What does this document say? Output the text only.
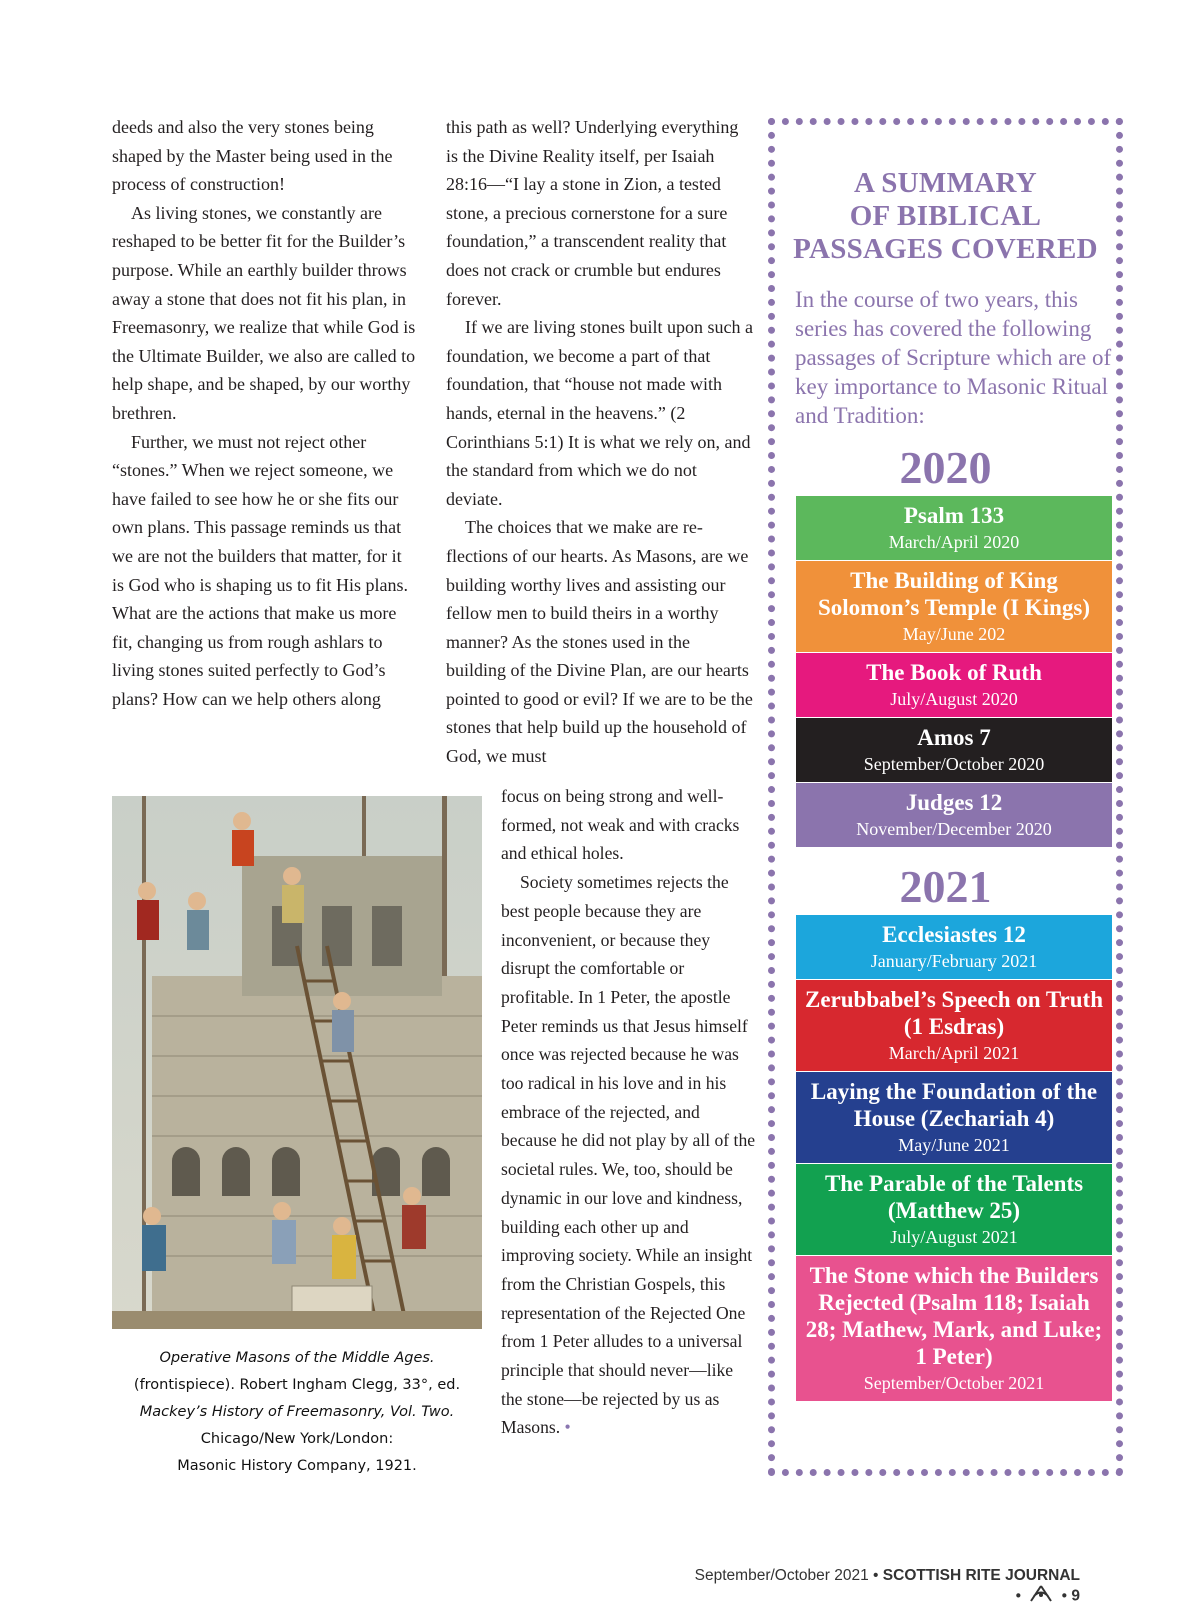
deeds and also the very stones being shaped by the Master being used in the process of construction!

As living stones, we constantly are reshaped to be better fit for the Builder’s purpose. While an earthly builder throws away a stone that does not fit his plan, in Freemasonry, we realize that while God is the Ultimate Builder, we also are called to help shape, and be shaped, by our worthy brethren.

Further, we must not reject other “stones.” When we reject someone, we have failed to see how he or she fits our own plans. This passage reminds us that we are not the builders that matter, for it is God who is shaping us to fit His plans. What are the actions that make us more fit, changing us from rough ashlars to living stones suited perfectly to God’s plans? How can we help others along

this path as well? Underlying everything is the Divine Reality itself, per Isaiah 28:16—“I lay a stone in Zion, a tested stone, a precious cornerstone for a sure foundation,” a transcendent reality that does not crack or crumble but endures forever.

If we are living stones built upon such a foundation, we become a part of that foundation, that “house not made with hands, eternal in the heavens.” (2 Corinthians 5:1) It is what we rely on, and the standard from which we do not deviate.

The choices that we make are reflections of our hearts. As Masons, are we building worthy lives and assisting our fellow men to build theirs in a worthy manner? As the stones used in the building of the Divine Plan, are our hearts pointed to good or evil? If we are to be the stones that help build up the household of God, we must

focus on being strong and well-formed, not weak and with cracks and ethical holes.

Society sometimes rejects the best people because they are inconvenient, or because they disrupt the comfortable or profitable. In 1 Peter, the apostle Peter reminds us that Jesus himself once was rejected because he was too radical in his love and in his embrace of the rejected, and because he did not play by all of the societal rules. We, too, should be dynamic in our love and kindness, building each other up and improving society. While an insight from the Christian Gospels, this representation of the Rejected One from 1 Peter alludes to a universal principle that should never—like the stone—be rejected by us as Masons. •

Operative Masons of the Middle Ages.

(frontispiece). Robert Ingham Clegg, 33°, ed.

Mackey’s History of Freemasonry, Vol. Two.

Chicago/New York/London:

Masonic History Company, 1921.

A SUMMARY
OF BIBLICAL
PASSAGES COVERED
In the course of two years, this series has covered the following passages of Scripture which are of key importance to Masonic Ritual and Tradition:
2020
Psalm 133
March/April 2020
The Building of King Solomon’s Temple (I Kings)
May/June 202
The Book of Ruth
July/August 2020
Amos 7
September/October 2020
Judges 12
November/December 2020
2021
Ecclesiastes 12
January/February 2021
Zerubbabel’s Speech on Truth (1 Esdras)
March/April 2021
Laying the Foundation of the House (Zechariah 4)
May/June 2021
The Parable of the Talents (Matthew 25)
July/August 2021
The Stone which the Builders Rejected (Psalm 118; Isaiah 28; Mathew, Mark, and Luke; 1 Peter)
September/October 2021
September/October 2021 • SCOTTISH RITE JOURNAL •	• 9
